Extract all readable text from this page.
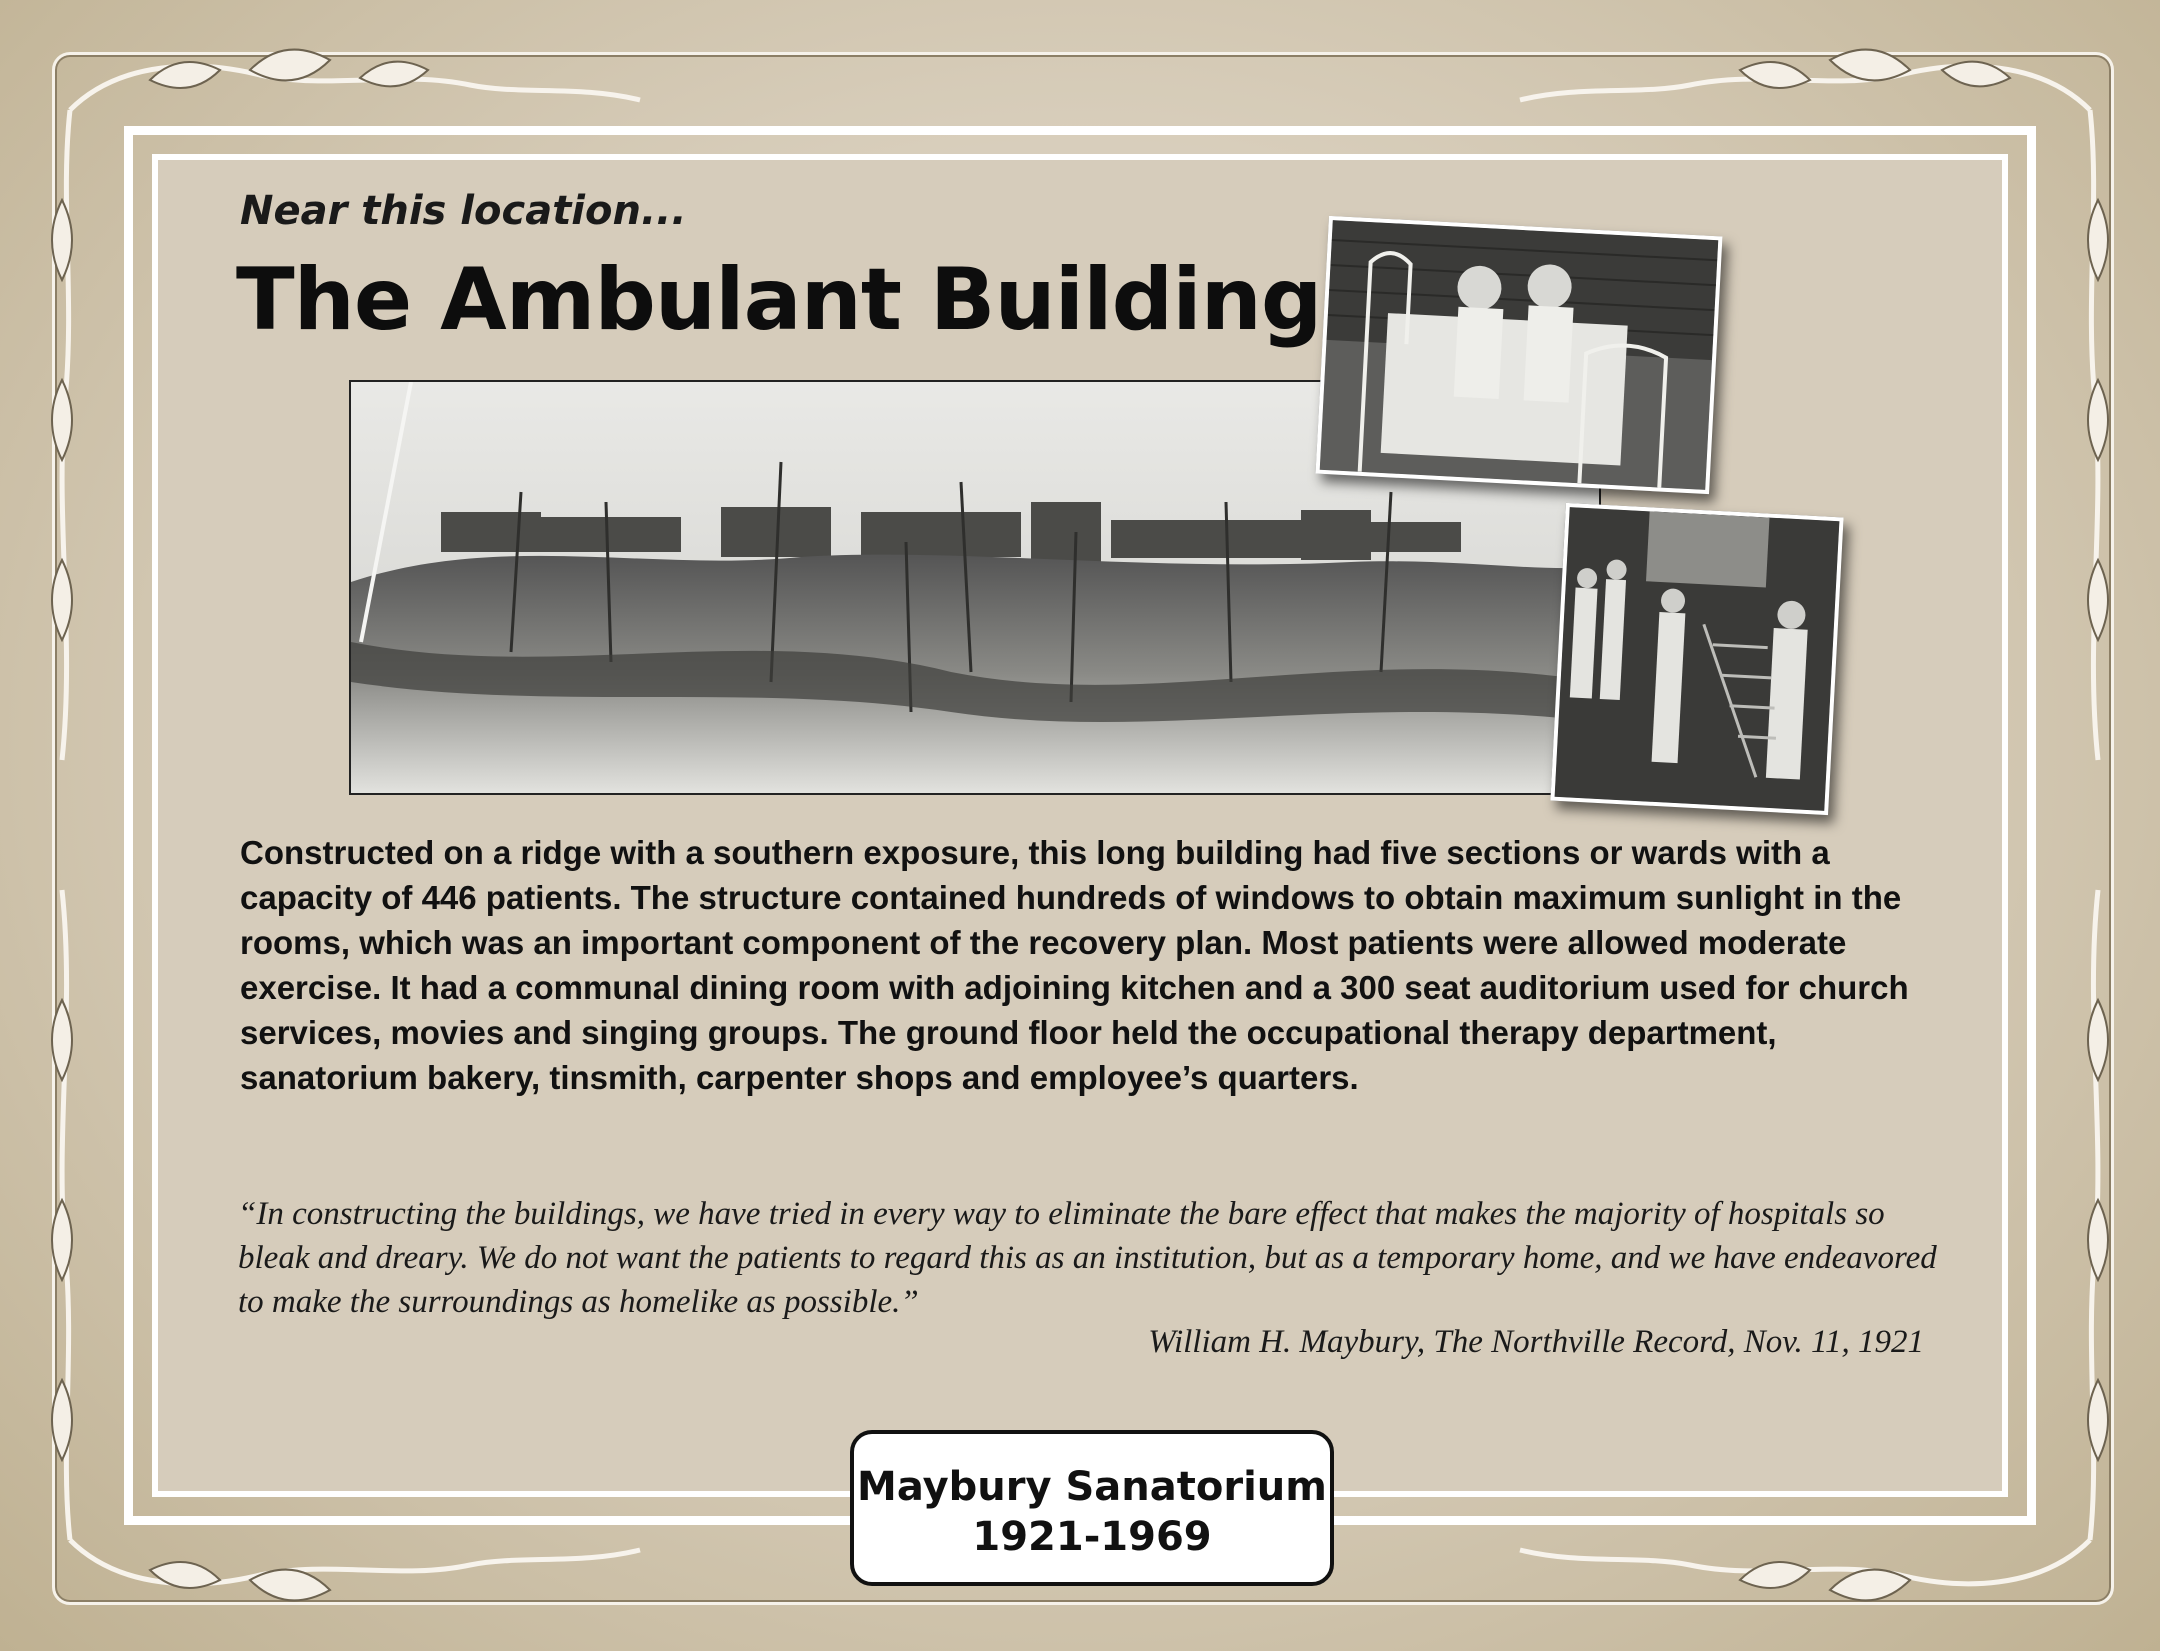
Near this location...
The Ambulant Building
Constructed on a ridge with a southern exposure, this long building had five sections or wards with a capacity of 446 patients. The structure contained hundreds of windows to obtain maximum sunlight in the rooms, which was an important component of the recovery plan. Most patients were allowed moderate exercise. It had a communal dining room with adjoining kitchen and a 300 seat auditorium used for church services, movies and singing groups. The ground floor held the occupational therapy department, sanatorium bakery, tinsmith, carpenter shops and employee’s quarters.
“In constructing the buildings, we have tried in every way to eliminate the bare effect that makes the majority of hospitals so bleak and dreary. We do not want the patients to regard this as an institution, but as a temporary home, and we have endeavored to make the surroundings as homelike as possible.”
William H. Maybury, The Northville Record, Nov. 11, 1921
Maybury Sanatorium
1921-1969
